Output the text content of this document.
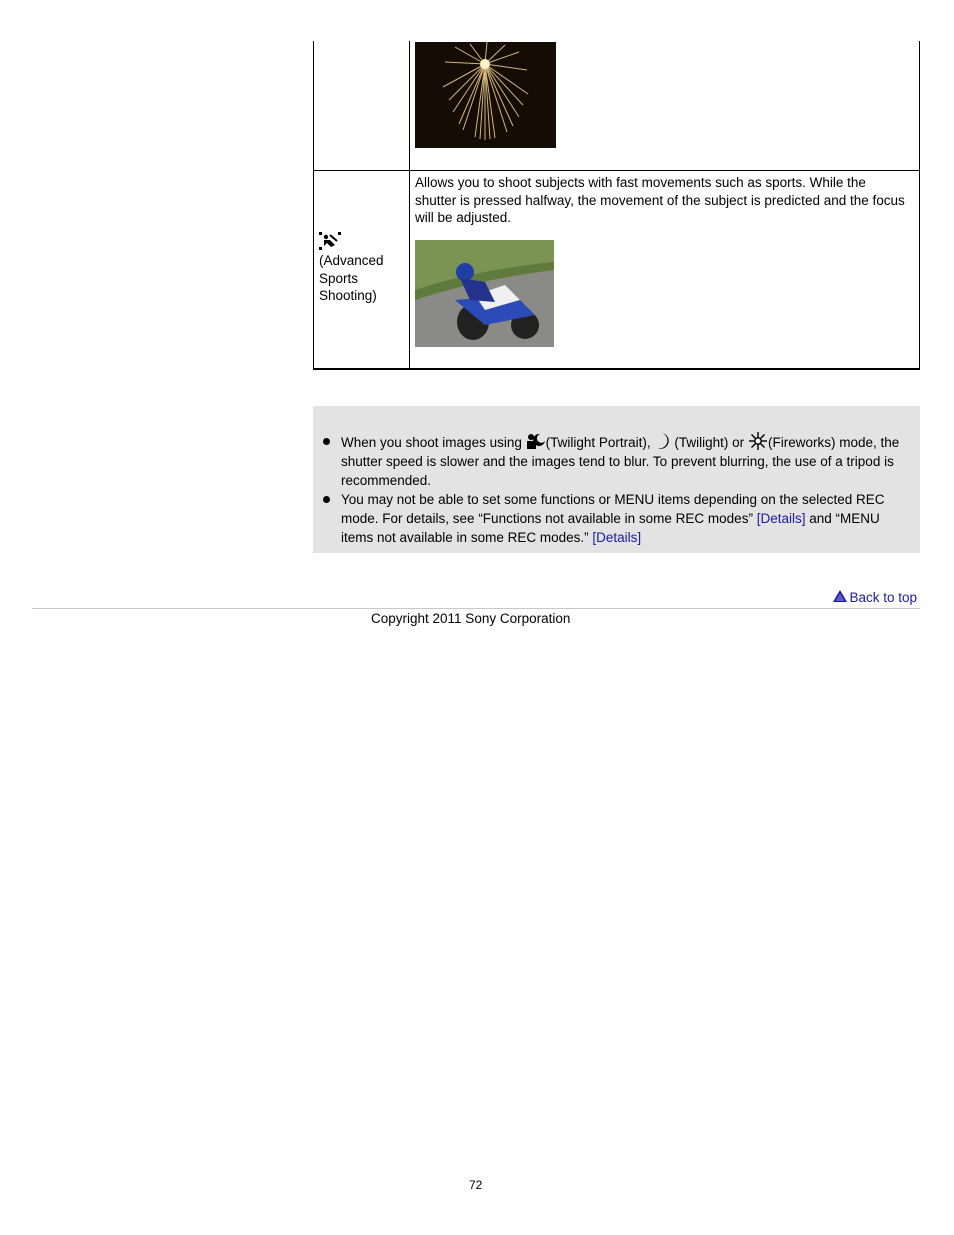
Allows you to shoot subjects with fast movements such as sports. While the shutter is pressed halfway, the movement of the subject is predicted and the focus will be adjusted.

(Advanced
Sports
Shooting)
When you shoot images using (Twilight Portrait), (Twilight) or (Fireworks) mode, the shutter speed is slower and the images tend to blur. To prevent blurring, the use of a tripod is recommended.
You may not be able to set some functions or MENU items depending on the selected REC mode. For details, see “Functions not available in some REC modes” [Details] and “MENU items not available in some REC modes.” [Details]
Back to top
Copyright 2011 Sony Corporation
72
